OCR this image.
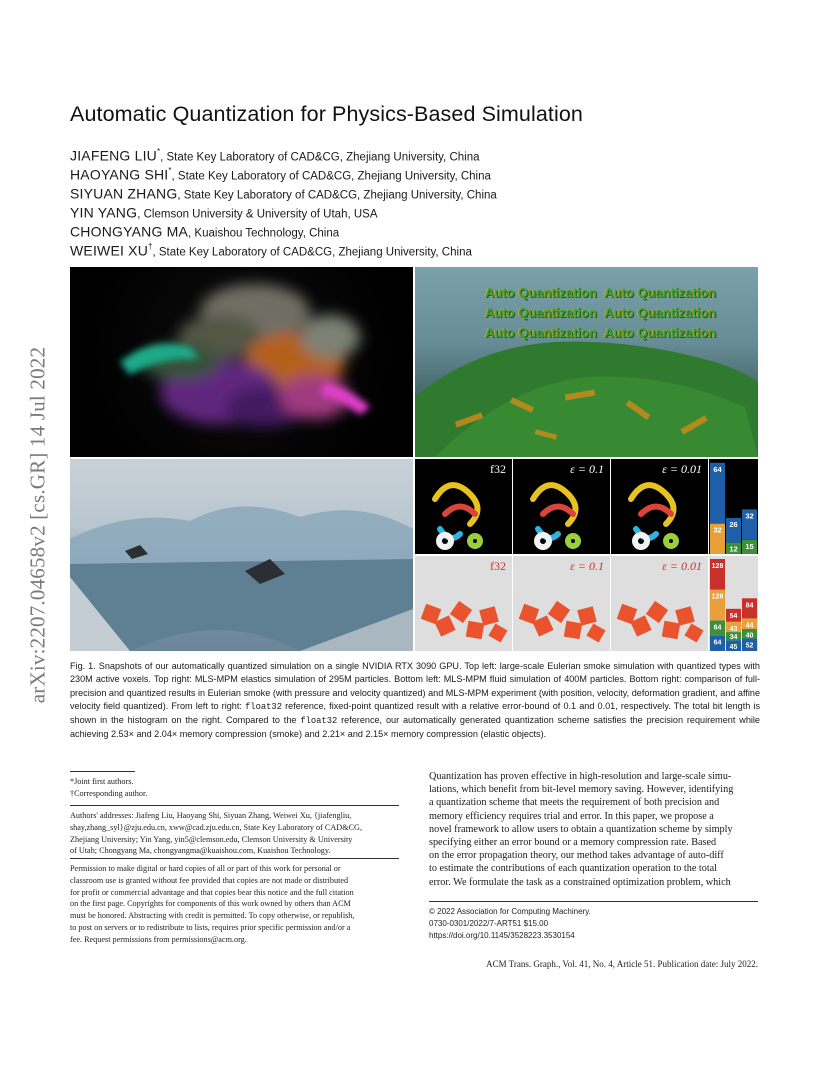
arXiv:2207.04658v2 [cs.GR] 14 Jul 2022
Automatic Quantization for Physics-Based Simulation
JIAFENG LIU*, State Key Laboratory of CAD&CG, Zhejiang University, China
HAOYANG SHI*, State Key Laboratory of CAD&CG, Zhejiang University, China
SIYUAN ZHANG, State Key Laboratory of CAD&CG, Zhejiang University, China
YIN YANG, Clemson University & University of Utah, USA
CHONGYANG MA, Kuaishou Technology, China
WEIWEI XU†, State Key Laboratory of CAD&CG, Zhejiang University, China
Auto Quantization Auto Quantization
Auto Quantization Auto Quantization
Auto Quantization Auto Quantization
f32	ε = 0.1	ε = 0.01 64
32
26
12
32
15
f32	ε = 0.1	ε = 0.01
64
64
128
128
45
34
43
54
52
40
44
84
Fig. 1. Snapshots of our automatically quantized simulation on a single NVIDIA RTX 3090 GPU. Top left: large-scale Eulerian smoke simulation with quantized types with 230M active voxels. Top right: MLS-MPM elastics simulation of 295M particles. Bottom left: MLS-MPM fluid simulation of 400M particles. Bottom right: comparison of full-precision and quantized results in Eulerian smoke (with pressure and velocity quantized) and MLS-MPM experiment (with position, velocity, deformation gradient, and affine velocity field quantized). From left to right: float32 reference, fixed-point quantized result with a relative error-bound of 0.1 and 0.01, respectively. The total bit length is shown in the histogram on the right. Compared to the float32 reference, our automatically generated quantization scheme satisfies the precision requirement while achieving 2.53× and 2.04× memory compression (smoke) and 2.21× and 2.15× memory compression (elastic objects).
*Joint first authors.
†Corresponding author.
Authors' addresses: Jiafeng Liu, Haoyang Shi, Siyuan Zhang, Weiwei Xu, {jiafengliu,
shay,zhang_syl}@zju.edu.cn, xww@cad.zju.edu.cn, State Key Laboratory of CAD&CG,
Zhejiang University; Yin Yang, yin5@clemson.edu, Clemson University & University
of Utah; Chongyang Ma, chongyangma@kuaishou.com, Kuaishou Technology.
Permission to make digital or hard copies of all or part of this work for personal or
classroom use is granted without fee provided that copies are not made or distributed
for profit or commercial advantage and that copies bear this notice and the full citation
on the first page. Copyrights for components of this work owned by others than ACM
must be honored. Abstracting with credit is permitted. To copy otherwise, or republish,
to post on servers or to redistribute to lists, requires prior specific permission and/or a
fee. Request permissions from permissions@acm.org.
Quantization has proven effective in high-resolution and large-scale simu-
lations, which benefit from bit-level memory saving. However, identifying
a quantization scheme that meets the requirement of both precision and
memory efficiency requires trial and error. In this paper, we propose a
novel framework to allow users to obtain a quantization scheme by simply
specifying either an error bound or a memory compression rate. Based
on the error propagation theory, our method takes advantage of auto-diff
to estimate the contributions of each quantization operation to the total
error. We formulate the task as a constrained optimization problem, which
© 2022 Association for Computing Machinery.
0730-0301/2022/7-ART51 $15.00
https://doi.org/10.1145/3528223.3530154
ACM Trans. Graph., Vol. 41, No. 4, Article 51. Publication date: July 2022.
